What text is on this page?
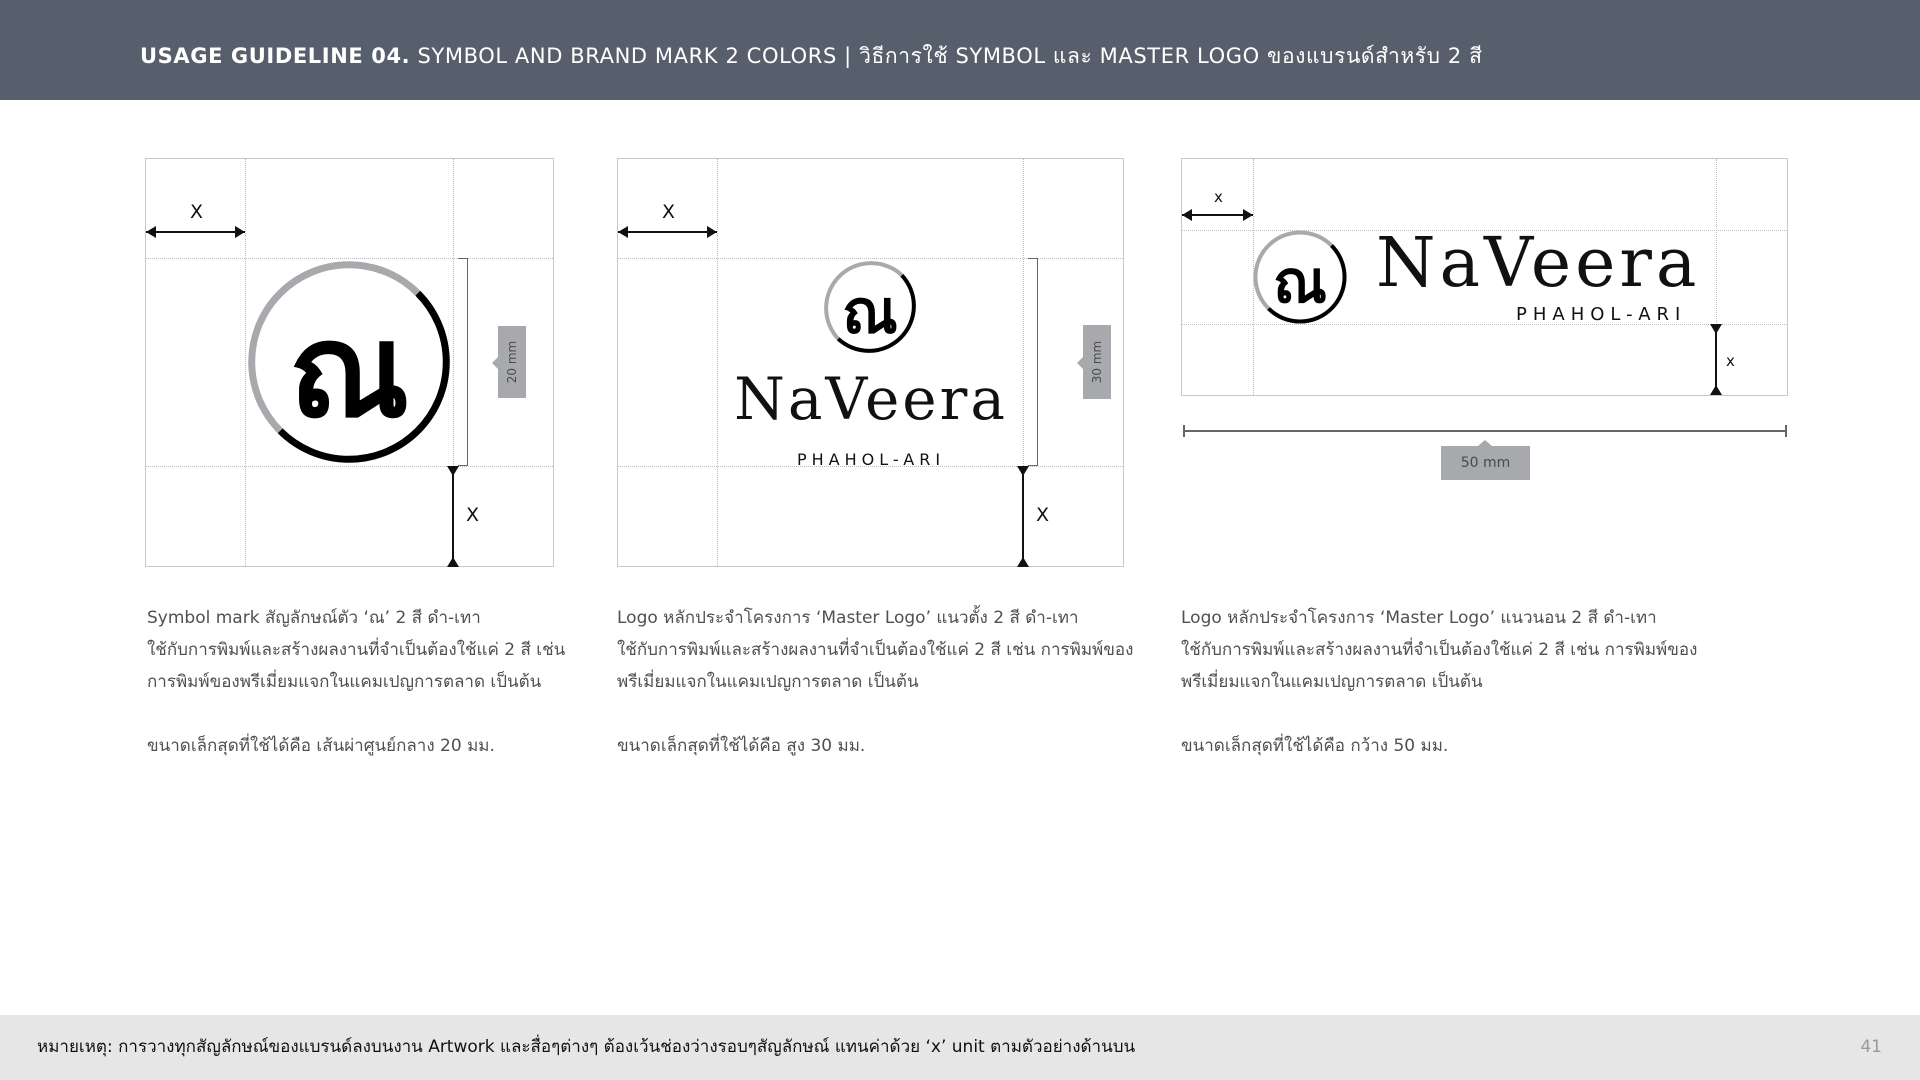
USAGE GUIDELINE 04. SYMBOL AND BRAND MARK 2 COLORS | วิธีการใช้ SYMBOL และ MASTER LOGO ของแบรนด์สำหรับ 2 สี
X
X
20 mm
ณ
X
X
30 mm
ณ
NaVeera
PHAHOL-ARI
x
x
ณ NaVeera
PHAHOL-ARI
50 mm

Symbol mark สัญลักษณ์ตัว ‘ณ’ 2 สี ดำ-เทา

ใช้กับการพิมพ์และสร้างผลงานที่จำเป็นต้องใช้แค่ 2 สี เช่น

การพิมพ์ของพรีเมี่ยมแจกในแคมเปญการตลาด เป็นต้น

ขนาดเล็กสุดที่ใช้ได้คือ เส้นผ่าศูนย์กลาง 20 มม.

Logo หลักประจำโครงการ ‘Master Logo’ แนวตั้ง 2 สี ดำ-เทา

ใช้กับการพิมพ์และสร้างผลงานที่จำเป็นต้องใช้แค่ 2 สี เช่น การพิมพ์ของ

พรีเมี่ยมแจกในแคมเปญการตลาด เป็นต้น

ขนาดเล็กสุดที่ใช้ได้คือ สูง 30 มม.

Logo หลักประจำโครงการ ‘Master Logo’ แนวนอน 2 สี ดำ-เทา

ใช้กับการพิมพ์และสร้างผลงานที่จำเป็นต้องใช้แค่ 2 สี เช่น การพิมพ์ของ

พรีเมี่ยมแจกในแคมเปญการตลาด เป็นต้น

ขนาดเล็กสุดที่ใช้ได้คือ กว้าง 50 มม.

หมายเหตุ: การวางทุกสัญลักษณ์ของแบรนด์ลงบนงาน Artwork และสื่อๆต่างๆ ต้องเว้นช่องว่างรอบๆสัญลักษณ์ แทนค่าด้วย ‘x’ unit ตามตัวอย่างด้านบน	41
